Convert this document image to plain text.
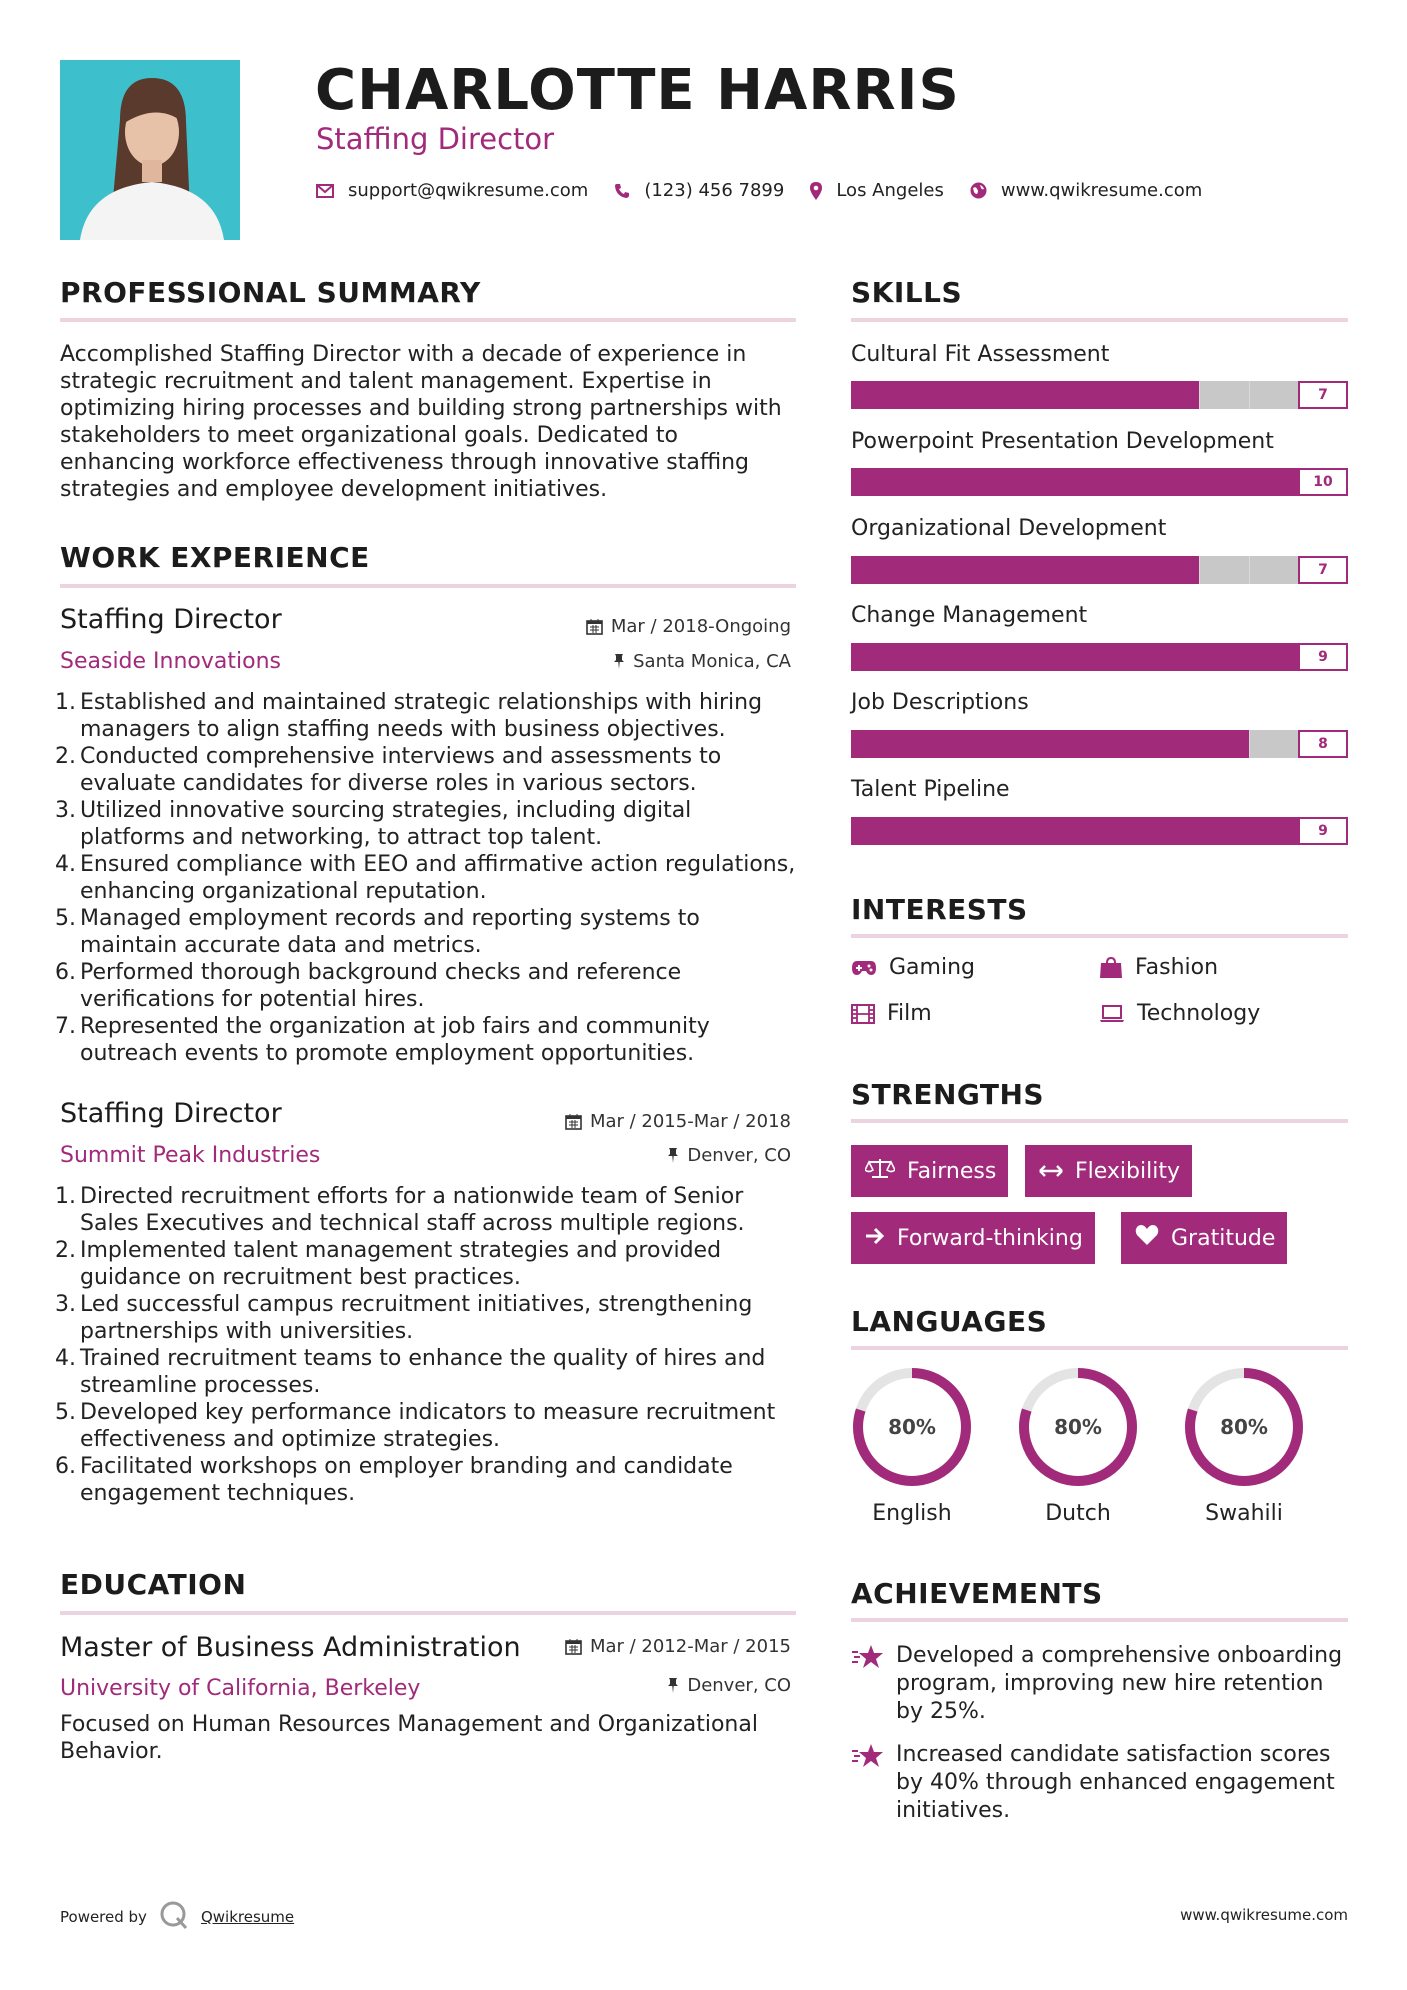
CHARLOTTE HARRIS
Staffing Director
support@qwikresume.com	(123) 456 7899	Los Angeles	www.qwikresume.com
PROFESSIONAL SUMMARY
Accomplished Staffing Director with a decade of experience in strategic recruitment and talent management. Expertise in optimizing hiring processes and building strong partnerships with stakeholders to meet organizational goals. Dedicated to enhancing workforce effectiveness through innovative staffing strategies and employee development initiatives.
WORK EXPERIENCE
Staffing Director	Mar / 2018-Ongoing
Seaside Innovations	Santa Monica, CA
1. Established and maintained strategic relationships with hiring managers to align staffing needs with business objectives.
2. Conducted comprehensive interviews and assessments to evaluate candidates for diverse roles in various sectors.
3. Utilized innovative sourcing strategies, including digital platforms and networking, to attract top talent.
4. Ensured compliance with EEO and affirmative action regulations, enhancing organizational reputation.
5. Managed employment records and reporting systems to maintain accurate data and metrics.
6. Performed thorough background checks and reference verifications for potential hires.
7. Represented the organization at job fairs and community outreach events to promote employment opportunities.
Staffing Director	Mar / 2015-Mar / 2018
Summit Peak Industries	Denver, CO
1. Directed recruitment efforts for a nationwide team of Senior Sales Executives and technical staff across multiple regions.
2. Implemented talent management strategies and provided guidance on recruitment best practices.
3. Led successful campus recruitment initiatives, strengthening partnerships with universities.
4. Trained recruitment teams to enhance the quality of hires and streamline processes.
5. Developed key performance indicators to measure recruitment effectiveness and optimize strategies.
6. Facilitated workshops on employer branding and candidate engagement techniques.
EDUCATION
Master of Business Administration	Mar / 2012-Mar / 2015
University of California, Berkeley	Denver, CO
Focused on Human Resources Management and Organizational Behavior.
SKILLS
Cultural Fit Assessment
7
Powerpoint Presentation Development
10
Organizational Development
7
Change Management
9
Job Descriptions
8
Talent Pipeline
9
INTERESTS
Gaming	Fashion
Film	Technology
STRENGTHS
Fairness	Flexibility
Forward-thinking	Gratitude
LANGUAGES
80%
English
80%
Dutch
80%
Swahili
ACHIEVEMENTS
Developed a comprehensive onboarding program, improving new hire retention by 25%.
Increased candidate satisfaction scores by 40% through enhanced engagement initiatives.
Powered by	Qwikresume	www.qwikresume.com
